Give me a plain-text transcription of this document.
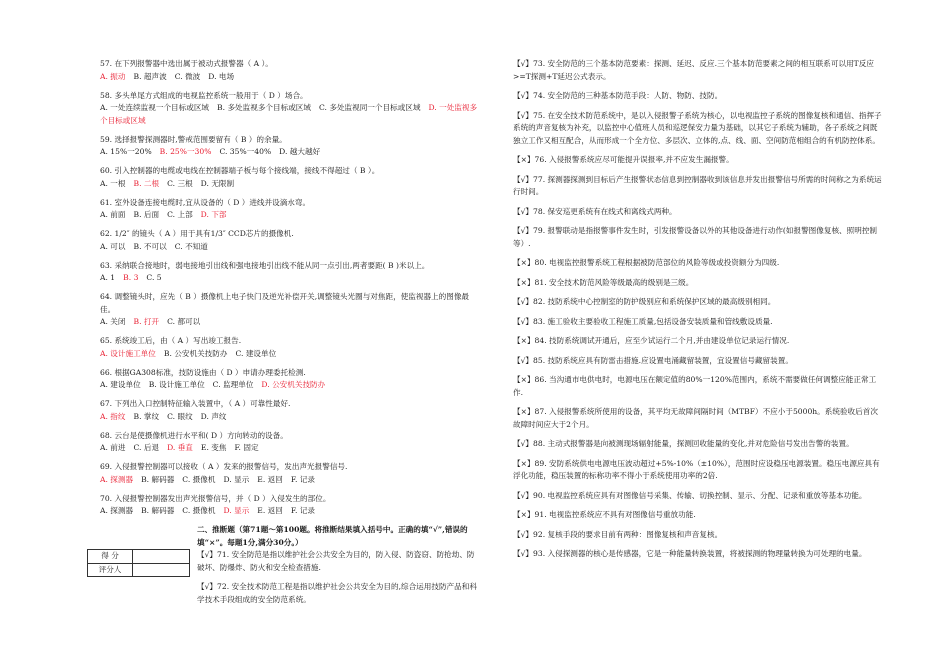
57. 在下列报警器中选出属于被动式报警器（ A ）。
A. 振动 B. 超声波 C. 微波 D. 电场
58. 多头单尾方式组成的电视监控系统一般用于（ D ）场合。
A. 一处连续监视一个目标或区域 B. 多处监视多个目标或区域 C. 多处监视同一个目标或区域 D. 一处监视多个目标或区域
59. 选择报警探测器时,警戒范围要留有（ B ）的余量。
A. 15%一20% B. 25%一30% C. 35%一40% D. 越大越好
60. 引入控制器的电缆或电线在控制器端子板与每个接线端，接线不得超过（ B ）。
A. 一根 B. 二根 C. 三根 D. 无限制
61. 室外设备连接电缆时,宜从设备的（ D ）进线并设滴水弯。
A. 前面 B. 后面 C. 上部 D. 下部
62. 1/2″ 的镜头（ A ）用于具有1/3″ CCD芯片的摄像机.
A. 可以 B. 不可以 C. 不知道
63. 采纳联合接地时，弱电接地引出线和强电接地引出线不能从同一点引出,两者要距( B )米以上。
A. 1 B. 3 C. 5
64. 调整镜头时，应先（ B ）摄像机上电子快门及逆光补偿开关,调整镜头光圈与对焦距，使监视器上的图像最佳。
A. 关闭 B. 打开 C. 都可以
65. 系统竣工后，由（ A ）写出竣工报告.
A. 设计施工单位 B. 公安机关技防办 C. 建设单位
66. 根据GA308标准，技防设施由（ D ）申请办理委托检测.
A. 建设单位 B. 设计施工单位 C. 监理单位 D. 公安机关技防办
67. 下列出入口控制特征输入装置中，（ A ）可靠性最好.
A. 指纹 B. 掌纹 C. 眼纹 D. 声纹
68. 云台是使摄像机进行水平和( D ）方向转动的设备。
A. 前进 C. 后退 D. 垂直 E. 变焦 F. 固定
69. 入侵报警控制器可以接收（ A ）发来的报警信号，发出声光报警信号.
A. 探测器 B. 解码器 C. 摄像机 D. 显示 E. 返回 F. 记录
70. 入侵报警控制器发出声光报警信号，并（ D ）入侵发生的部位。
A. 探测器 B. 解码器 C. 摄像机 D. 显示 E. 返回 F. 记录
二、推断题（第71题～第100题。将推断结果填入括号中。正确的填“√”,错误的填“×”。每题1分,满分30分。）
得 分	
评分人	
【√】71. 安全防范是指以维护社会公共安全为目的，防入侵、防盗窃、防抢劫、防破坏、防爆炸、防火和安全检查措施.
【√】72. 安全技术防范工程是指以维护社会公共安全为目的,综合运用技防产品和科学技术手段组成的安全防范系统。
【√】73. 安全防范的三个基本防范要素：探测、延迟、反应.三个基本防范要素之间的相互联系可以用T反应>=T探测+T延迟公式表示。
【√】74. 安全防范的三种基本防范手段：人防、物防、技防。
【√】75. 在安全技术防范系统中，是以入侵报警子系统为核心，以电视监控子系统的图像复核和通信、指挥子系统的声音复核为补充，以监控中心值班人员和巡逻保安力量为基础，以其它子系统为辅助，各子系统之间既独立工作又相互配合，从而形成一个全方位、多层次、立体的,点、线、面、空间防范相组合的有机防控体系。
【×】76. 入侵报警系统应尽可能提升误报率,并不应发生漏报警。
【√】77. 探测器探测到目标后产生报警状态信息到控制器收到该信息并发出报警信号所需的时间称之为系统运行时间。
【√】78. 保安巡更系统有在线式和离线式两种。
【√】79. 报警联动是指报警事件发生时，引发报警设备以外的其他设备进行动作(如报警图像复核、照明控制等）.
【×】80. 电视监控报警系统工程根据被防范部位的风险等级或投资额分为四级.
【×】81. 安全技术防范风险等级最高的级别是三级。
【√】82. 技防系统中心控制室的防护级别应和系统保护区域的最高级别相同。
【√】83. 施工验收主要验收工程施工质量,包括设备安装质量和管线敷设质量.
【×】84. 技防系统调试开通后，应至少试运行二个月,并由建设单位记录运行情况.
【√】85. 技防系统应具有防雷击措施.应设置电涌藏留装置，宜设置信号藏留装置。
【×】86. 当沟通市电供电时，电源电压在额定值的80%一120%范围内，系统不需要做任何调整应能正常工作.
【×】87. 入侵报警系统所使用的设备，其平均无故障间隔时间（MTBF）不应小于5000h。系统验收后首次故障时间应大于2个月。
【√】88. 主动式报警器是向被测现场辐射能量，探测回收能量的变化,并对危险信号发出告警的装置。
【×】89. 安防系统供电电源电压波动超过+5%-10%（±10%），范围时应设稳压电源装置。稳压电源应具有浮化功能，稳压装置的标称功率不得小于系统使用功率的2倍.
【√】90. 电视监控系统应具有对图像信号采集、传输、切换控制、显示、分配、记录和重放等基本功能。
【×】91. 电视监控系统应不具有对图像信号重放功能.
【√】92. 复核手段的要求目前有两种：图像复核和声音复核。
【√】93. 入侵探测器的核心是传感器，它是一种能量转换装置，将被探测的物理量转换为可处理的电量。
